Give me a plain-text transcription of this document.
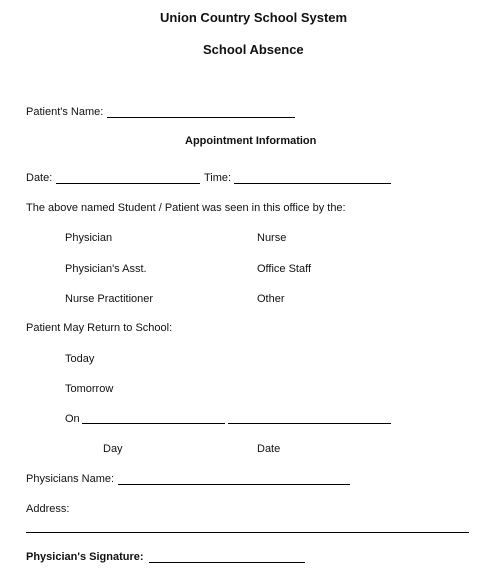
Union Country School System
School Absence
Patient's Name:
Appointment Information
Date:	Time:
The above named Student / Patient was seen in this office by the:
Physician	Nurse
Physician's Asst.	Office Staff
Nurse Practitioner	Other
Patient May Return to School:
Today
Tomorrow
On
Day	Date
Physicians Name:
Address:
Physician's Signature:
